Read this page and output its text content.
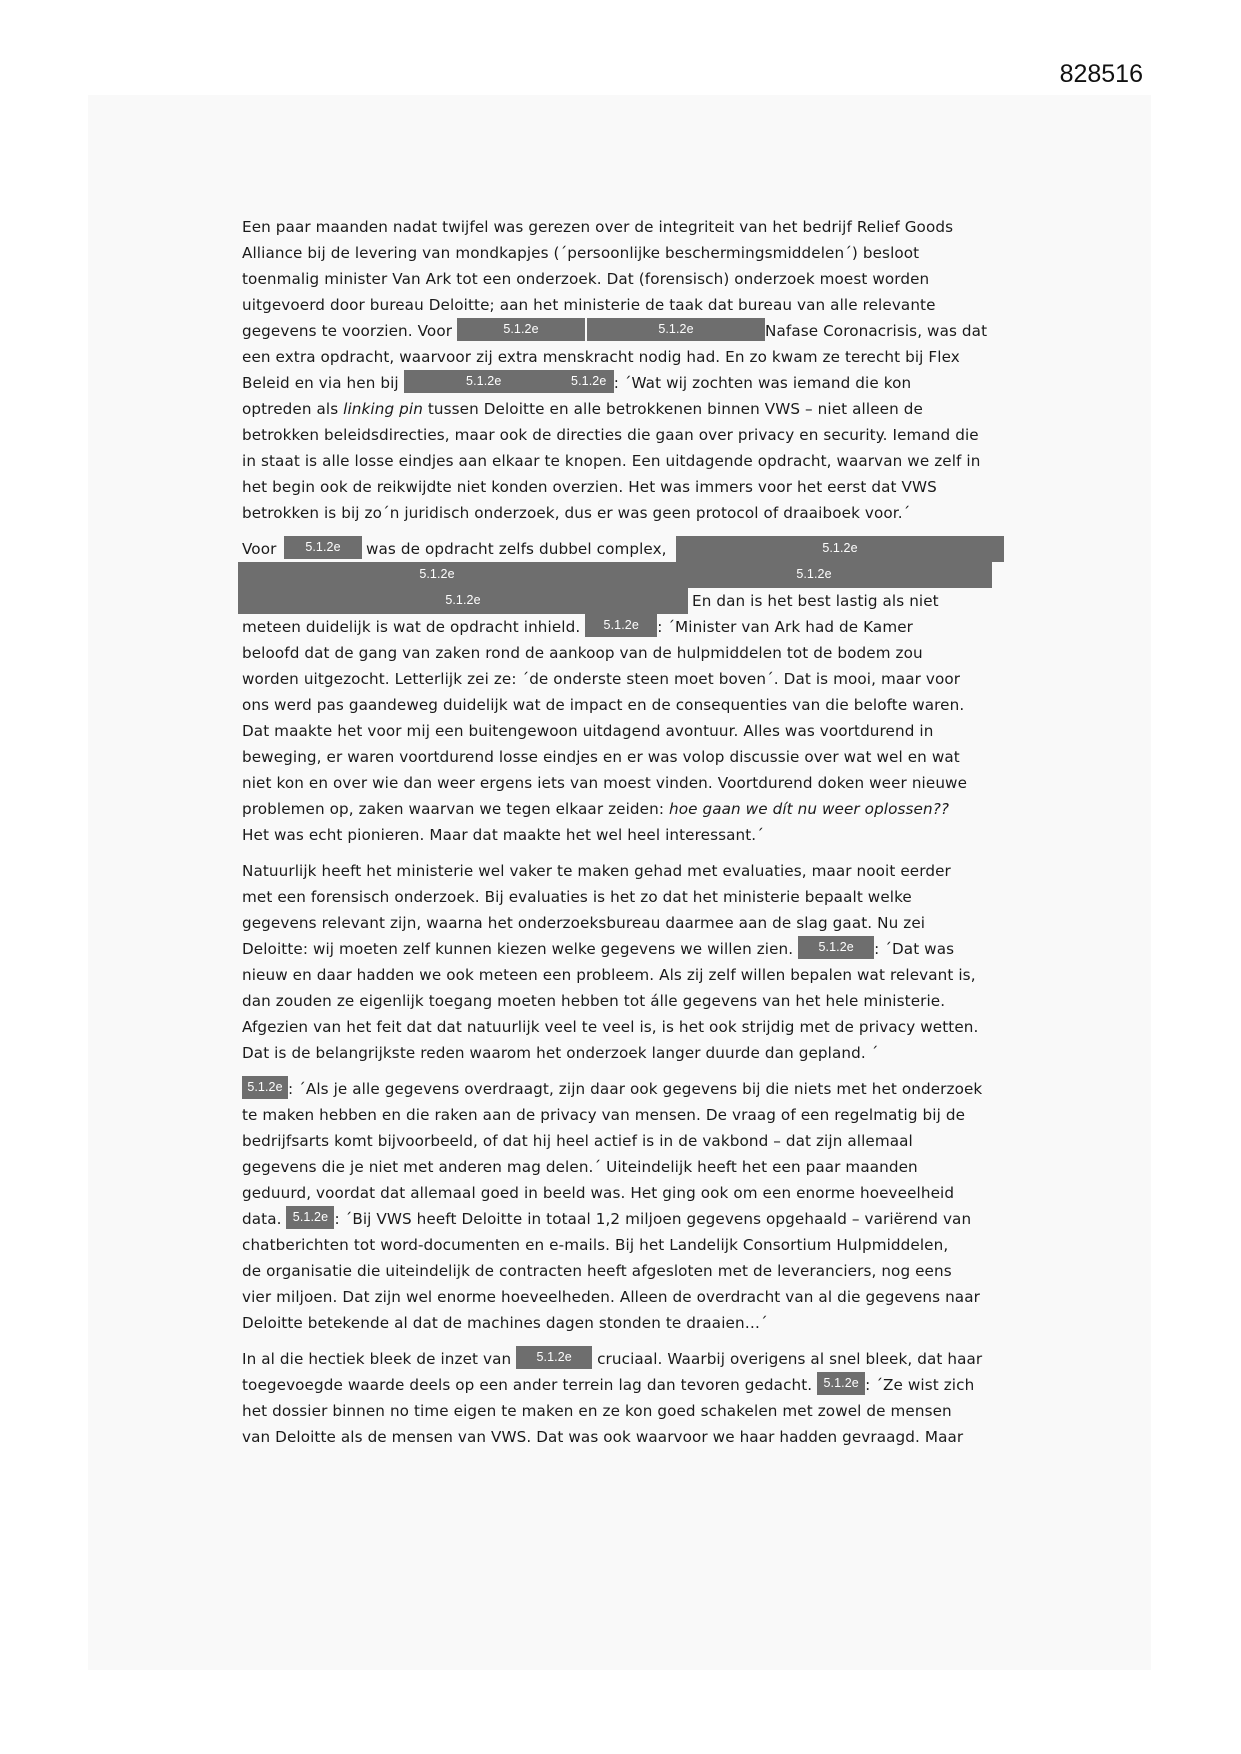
828516
Een paar maanden nadat twijfel was gerezen over de integriteit van het bedrijf Relief Goods
Alliance bij de levering van mondkapjes (´persoonlijke beschermingsmiddelen´) besloot
toenmalig minister Van Ark tot een onderzoek. Dat (forensisch) onderzoek moest worden
uitgevoerd door bureau Deloitte; aan het ministerie de taak dat bureau van alle relevante
gegevens te voorzien. Voor	5.1.2e	5.1.2e	Nafase Coronacrisis, was dat
een extra opdracht, waarvoor zij extra menskracht nodig had. En zo kwam ze terecht bij Flex
Beleid en via hen bij	5.1.2e	5.1.2e : ´Wat wij zochten was iemand die kon
optreden als linking pin tussen Deloitte en alle betrokkenen binnen VWS – niet alleen de
betrokken beleidsdirecties, maar ook de directies die gaan over privacy en security. Iemand die
in staat is alle losse eindjes aan elkaar te knopen. Een uitdagende opdracht, waarvan we zelf in
het begin ook de reikwijdte niet konden overzien. Het was immers voor het eerst dat VWS
betrokken is bij zo´n juridisch onderzoek, dus er was geen protocol of draaiboek voor.´
Voor	5.1.2e	was de opdracht zelfs dubbel complex,	5.1.2e
5.1.2e	5.1.2e
5.1.2e	En dan is het best lastig als niet
meteen duidelijk is wat de opdracht inhield. 5.1.2e : ´Minister van Ark had de Kamer
beloofd dat de gang van zaken rond de aankoop van de hulpmiddelen tot de bodem zou
worden uitgezocht. Letterlijk zei ze: ´de onderste steen moet boven´. Dat is mooi, maar voor
ons werd pas gaandeweg duidelijk wat de impact en de consequenties van die belofte waren.
Dat maakte het voor mij een buitengewoon uitdagend avontuur. Alles was voortdurend in
beweging, er waren voortdurend losse eindjes en er was volop discussie over wat wel en wat
niet kon en over wie dan weer ergens iets van moest vinden. Voortdurend doken weer nieuwe
problemen op, zaken waarvan we tegen elkaar zeiden: hoe gaan we dít nu weer oplossen??
Het was echt pionieren. Maar dat maakte het wel heel interessant.´
Natuurlijk heeft het ministerie wel vaker te maken gehad met evaluaties, maar nooit eerder
met een forensisch onderzoek. Bij evaluaties is het zo dat het ministerie bepaalt welke
gegevens relevant zijn, waarna het onderzoeksbureau daarmee aan de slag gaat. Nu zei
Deloitte: wij moeten zelf kunnen kiezen welke gegevens we willen zien. 5.1.2e : ´Dat was
nieuw en daar hadden we ook meteen een probleem. Als zij zelf willen bepalen wat relevant is,
dan zouden ze eigenlijk toegang moeten hebben tot álle gegevens van het hele ministerie.
Afgezien van het feit dat dat natuurlijk veel te veel is, is het ook strijdig met de privacy wetten.
Dat is de belangrijkste reden waarom het onderzoek langer duurde dan gepland. ´
5.1.2e : ´Als je alle gegevens overdraagt, zijn daar ook gegevens bij die niets met het onderzoek
te maken hebben en die raken aan de privacy van mensen. De vraag of een regelmatig bij de
bedrijfsarts komt bijvoorbeeld, of dat hij heel actief is in de vakbond – dat zijn allemaal
gegevens die je niet met anderen mag delen.´ Uiteindelijk heeft het een paar maanden
geduurd, voordat dat allemaal goed in beeld was. Het ging ook om een enorme hoeveelheid
data. 5.1.2e : ´Bij VWS heeft Deloitte in totaal 1,2 miljoen gegevens opgehaald – variërend van
chatberichten tot word-documenten en e-mails. Bij het Landelijk Consortium Hulpmiddelen,
de organisatie die uiteindelijk de contracten heeft afgesloten met de leveranciers, nog eens
vier miljoen. Dat zijn wel enorme hoeveelheden. Alleen de overdracht van al die gegevens naar
Deloitte betekende al dat de machines dagen stonden te draaien…´
In al die hectiek bleek de inzet van 5.1.2e cruciaal. Waarbij overigens al snel bleek, dat haar
toegevoegde waarde deels op een ander terrein lag dan tevoren gedacht. 5.1.2e : ´Ze wist zich
het dossier binnen no time eigen te maken en ze kon goed schakelen met zowel de mensen
van Deloitte als de mensen van VWS. Dat was ook waarvoor we haar hadden gevraagd. Maar
